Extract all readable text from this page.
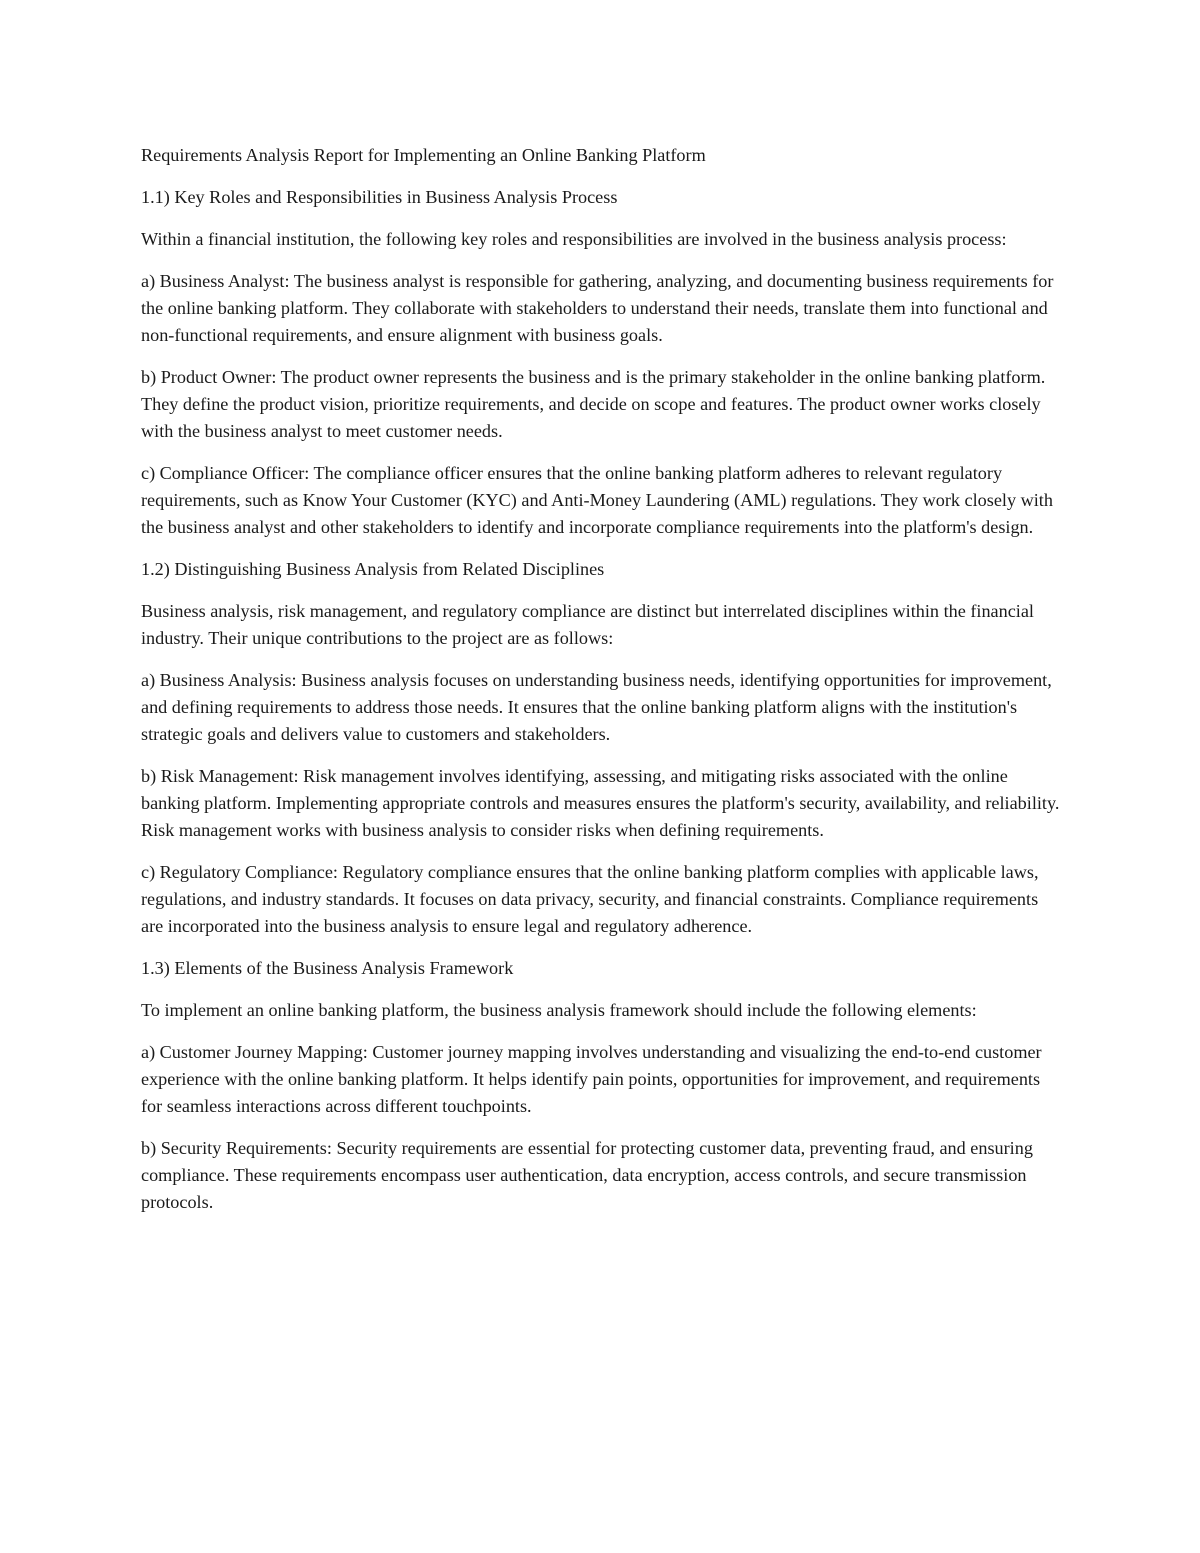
Requirements Analysis Report for Implementing an Online Banking Platform

1.1) Key Roles and Responsibilities in Business Analysis Process

Within a financial institution, the following key roles and responsibilities are involved in the business analysis process:

a) Business Analyst: The business analyst is responsible for gathering, analyzing, and documenting business requirements for the online banking platform. They collaborate with stakeholders to understand their needs, translate them into functional and non-functional requirements, and ensure alignment with business goals.

b) Product Owner: The product owner represents the business and is the primary stakeholder in the online banking platform. They define the product vision, prioritize requirements, and decide on scope and features. The product owner works closely with the business analyst to meet customer needs.

c) Compliance Officer: The compliance officer ensures that the online banking platform adheres to relevant regulatory requirements, such as Know Your Customer (KYC) and Anti-Money Laundering (AML) regulations. They work closely with the business analyst and other stakeholders to identify and incorporate compliance requirements into the platform's design.

1.2) Distinguishing Business Analysis from Related Disciplines

Business analysis, risk management, and regulatory compliance are distinct but interrelated disciplines within the financial industry. Their unique contributions to the project are as follows:

a) Business Analysis: Business analysis focuses on understanding business needs, identifying opportunities for improvement, and defining requirements to address those needs. It ensures that the online banking platform aligns with the institution's strategic goals and delivers value to customers and stakeholders.

b) Risk Management: Risk management involves identifying, assessing, and mitigating risks associated with the online banking platform. Implementing appropriate controls and measures ensures the platform's security, availability, and reliability. Risk management works with business analysis to consider risks when defining requirements.

c) Regulatory Compliance: Regulatory compliance ensures that the online banking platform complies with applicable laws, regulations, and industry standards. It focuses on data privacy, security, and financial constraints. Compliance requirements are incorporated into the business analysis to ensure legal and regulatory adherence.

1.3) Elements of the Business Analysis Framework

To implement an online banking platform, the business analysis framework should include the following elements:

a) Customer Journey Mapping: Customer journey mapping involves understanding and visualizing the end-to-end customer experience with the online banking platform. It helps identify pain points, opportunities for improvement, and requirements for seamless interactions across different touchpoints.

b) Security Requirements: Security requirements are essential for protecting customer data, preventing fraud, and ensuring compliance. These requirements encompass user authentication, data encryption, access controls, and secure transmission protocols.
